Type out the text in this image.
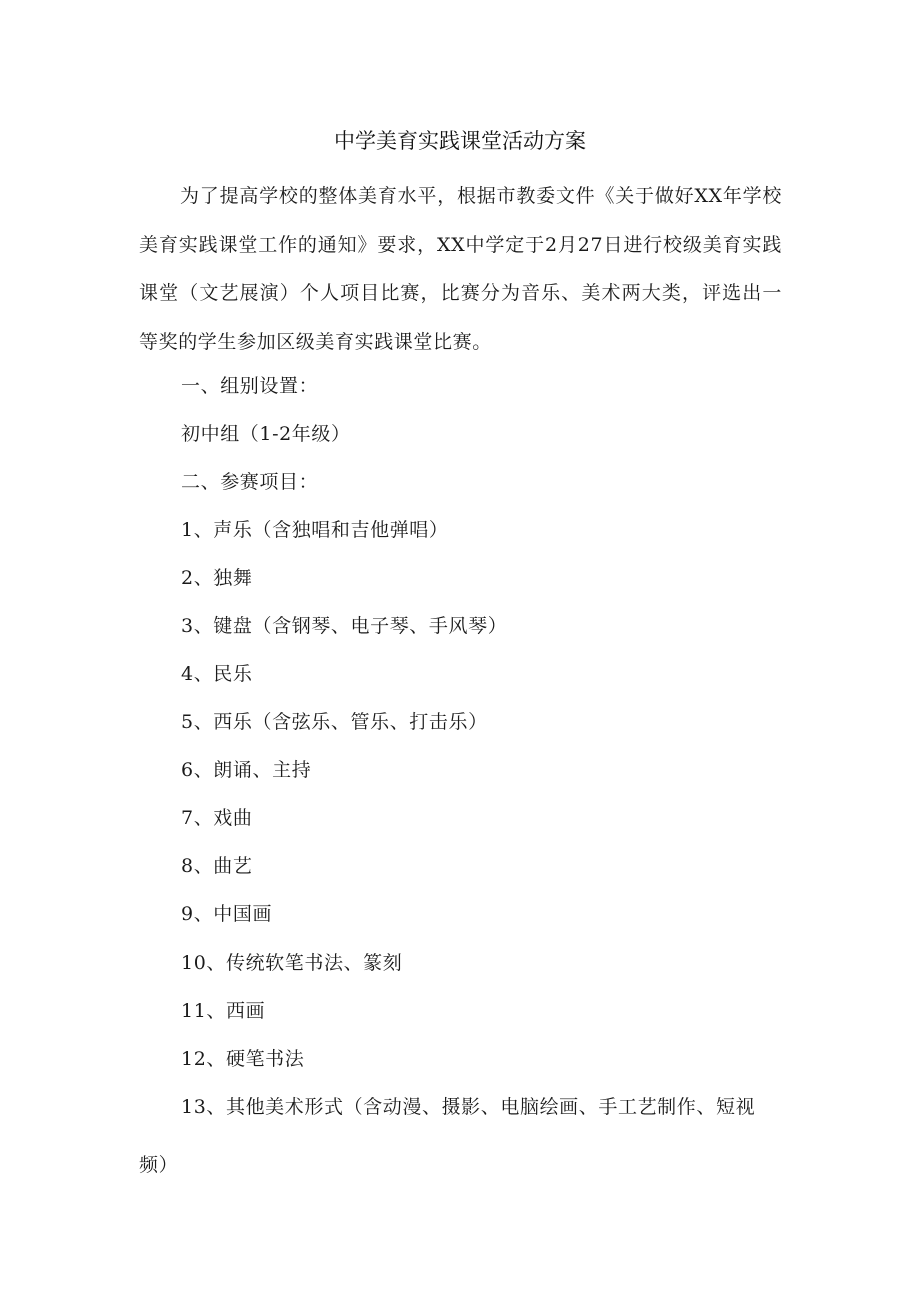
中学美育实践课堂活动方案

为了提高学校的整体美育水平，根据市教委文件《关于做好XX年学校美育实践课堂工作的通知》要求，XX中学定于2月27日进行校级美育实践课堂（文艺展演）个人项目比赛，比赛分为音乐、美术两大类，评选出一等奖的学生参加区级美育实践课堂比赛。

一、组别设置：
初中组（1-2年级）
二、参赛项目：
1、声乐（含独唱和吉他弹唱）
2、独舞
3、键盘（含钢琴、电子琴、手风琴）
4、民乐
5、西乐（含弦乐、管乐、打击乐）
6、朗诵、主持
7、戏曲
8、曲艺
9、中国画
10、传统软笔书法、篆刻
11、西画
12、硬笔书法

13、其他美术形式（含动漫、摄影、电脑绘画、手工艺制作、短视频）
